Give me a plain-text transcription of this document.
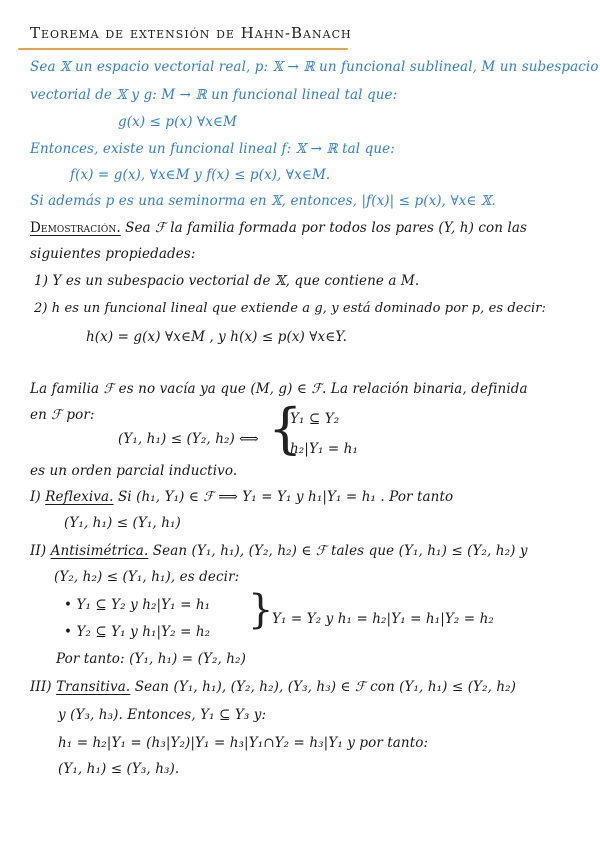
Teorema de extensión de Hahn-Banach
Sea 𝕏 un espacio vectorial real, p: 𝕏 → ℝ un funcional sublineal, M un subespacio
vectorial de 𝕏 y g: M → ℝ un funcional lineal tal que:
g(x) ≤ p(x) ∀x∈M
Entonces, existe un funcional lineal f: 𝕏 → ℝ tal que:
f(x) = g(x), ∀x∈M y f(x) ≤ p(x), ∀x∈M.
Si además p es una seminorma en 𝕏, entonces, |f(x)| ≤ p(x), ∀x∈ 𝕏.
Demostración. Sea ℱ la familia formada por todos los pares (Y, h) con las
siguientes propiedades:
1) Y es un subespacio vectorial de 𝕏, que contiene a M.
2) h es un funcional lineal que extiende a g, y está dominado por p, es decir:
h(x) = g(x) ∀x∈M , y h(x) ≤ p(x) ∀x∈Y.
La familia ℱ es no vacía ya que (M, g) ∈ ℱ. La relación binaria, definida
en ℱ por:
(Y₁, h₁) ≤ (Y₂, h₂) ⟺ {
Y₁ ⊆ Y₂
h₂|Y₁ = h₁
es un orden parcial inductivo.
I) Reflexiva. Si (h₁, Y₁) ∈ ℱ ⟹ Y₁ = Y₁ y h₁|Y₁ = h₁ . Por tanto
(Y₁, h₁) ≤ (Y₁, h₁)
II) Antisimétrica. Sean (Y₁, h₁), (Y₂, h₂) ∈ ℱ tales que (Y₁, h₁) ≤ (Y₂, h₂) y
(Y₂, h₂) ≤ (Y₁, h₁), es decir:
• Y₁ ⊆ Y₂ y h₂|Y₁ = h₁
• Y₂ ⊆ Y₁ y h₁|Y₂ = h₂ }
Y₁ = Y₂ y h₁ = h₂|Y₁ = h₁|Y₂ = h₂
Por tanto: (Y₁, h₁) = (Y₂, h₂)
III) Transitiva. Sean (Y₁, h₁), (Y₂, h₂), (Y₃, h₃) ∈ ℱ con (Y₁, h₁) ≤ (Y₂, h₂)
y (Y₃, h₃). Entonces, Y₁ ⊆ Y₃ y:
h₁ = h₂|Y₁ = (h₃|Y₂)|Y₁ = h₃|Y₁∩Y₂ = h₃|Y₁ y por tanto:
(Y₁, h₁) ≤ (Y₃, h₃).
